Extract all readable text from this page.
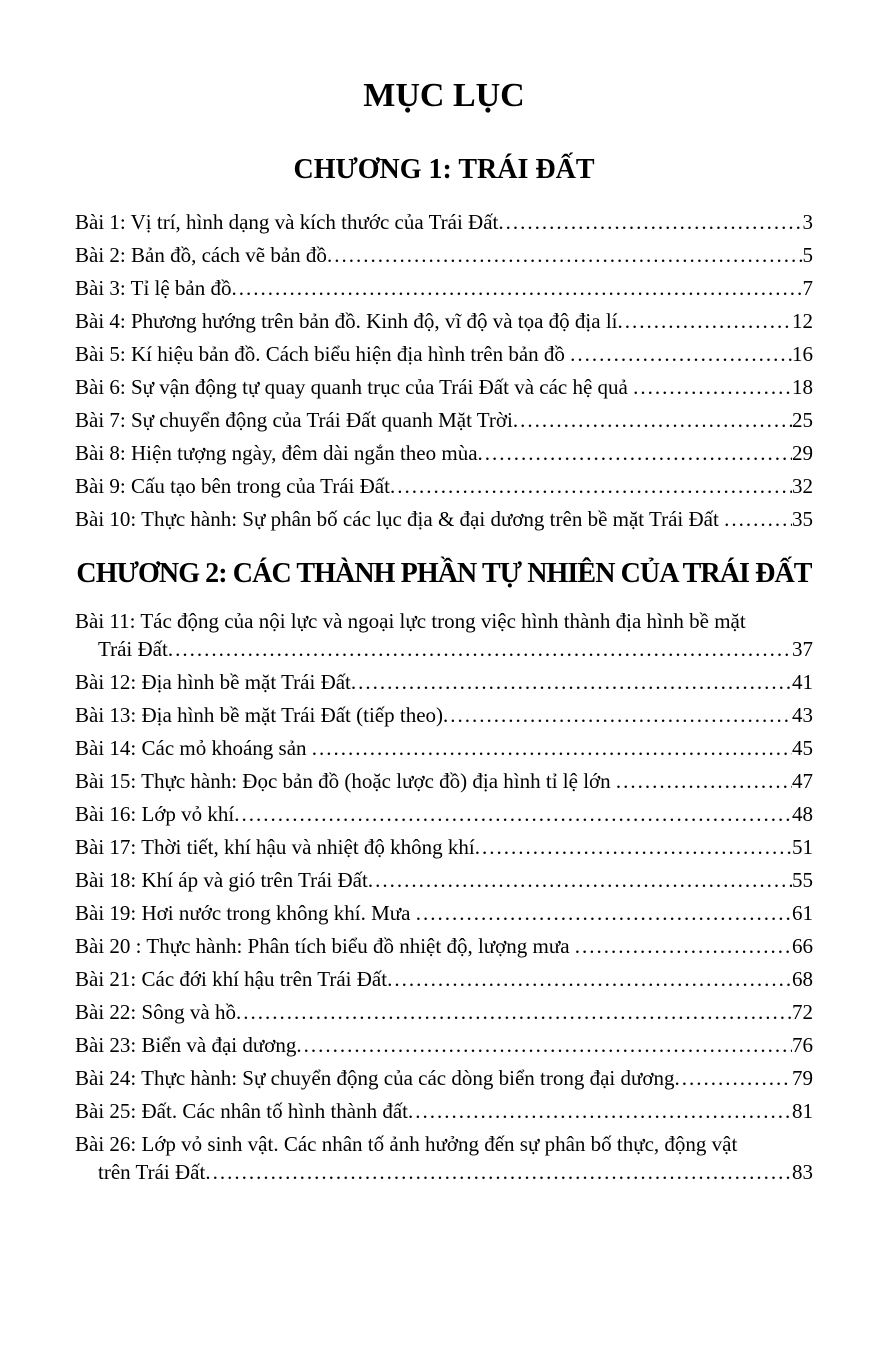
MỤC LỤC
CHƯƠNG 1: TRÁI ĐẤT
Bài 1: Vị trí, hình dạng và kích thước của Trái Đất .....	3
Bài 2: Bản đồ, cách vẽ bản đồ .....	5
Bài 3: Tỉ lệ bản đồ .....	7
Bài 4: Phương hướng trên bản đồ. Kinh độ, vĩ độ và tọa độ địa lí .....	12
Bài 5: Kí hiệu bản đồ. Cách biểu hiện địa hình trên bản đồ .....	16
Bài 6: Sự vận động tự quay quanh trục của Trái Đất và các hệ quả .....	18
Bài 7: Sự chuyển động của Trái Đất quanh Mặt Trời .....	25
Bài 8: Hiện tượng ngày, đêm dài ngắn theo mùa .....	29
Bài 9: Cấu tạo bên trong của Trái Đất .....	32
Bài 10: Thực hành: Sự phân bố các lục địa & đại dương trên bề mặt Trái Đất .....	35
CHƯƠNG 2: CÁC THÀNH PHẦN TỰ NHIÊN CỦA TRÁI ĐẤT
Bài 11: Tác động của nội lực và ngoại lực trong việc hình thành địa hình bề mặt
Trái Đất .....	37
Bài 12: Địa hình bề mặt Trái Đất .....	41
Bài 13: Địa hình bề mặt Trái Đất (tiếp theo) .....	43
Bài 14: Các mỏ khoáng sản .....	45
Bài 15: Thực hành: Đọc bản đồ (hoặc lược đồ) địa hình tỉ lệ lớn .....	47
Bài 16: Lớp vỏ khí .....	48
Bài 17: Thời tiết, khí hậu và nhiệt độ không khí .....	51
Bài 18: Khí áp và gió trên Trái Đất .....	55
Bài 19: Hơi nước trong không khí. Mưa .....	61
Bài 20 : Thực hành: Phân tích biểu đồ nhiệt độ, lượng mưa .....	66
Bài 21: Các đới khí hậu trên Trái Đất .....	68
Bài 22: Sông và hồ .....	72
Bài 23: Biển và đại dương .....	76
Bài 24: Thực hành: Sự chuyển động của các dòng biển trong đại dương .....	79
Bài 25: Đất. Các nhân tố hình thành đất .....	81
Bài 26: Lớp vỏ sinh vật. Các nhân tố ảnh hưởng đến sự phân bố thực, động vật
trên Trái Đất .....	83
